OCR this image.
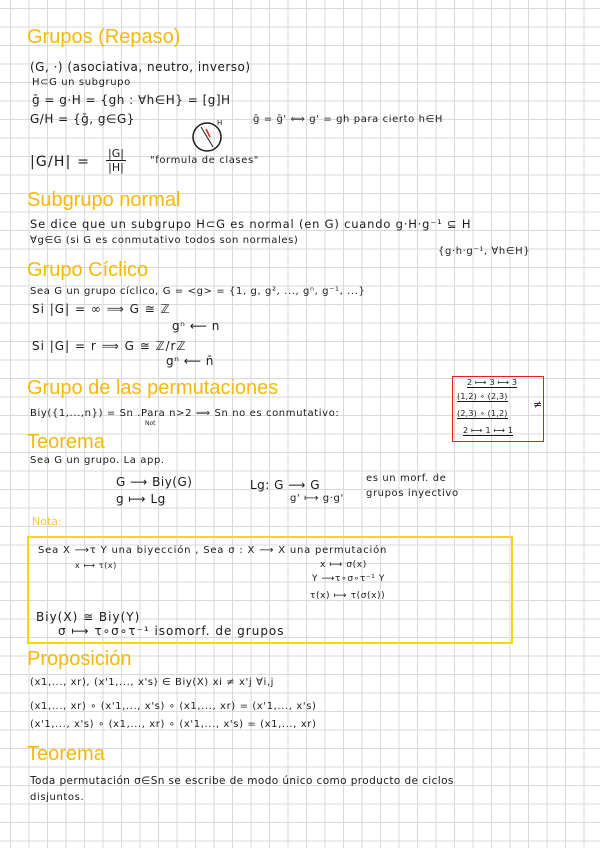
Grupos (Repaso)
(G, ·) (asociativa, neutro, inverso)
H⊂G un subgrupo
ḡ = g·H = {gh : ∀h∈H} = [g]H
G/H = {ḡ, g∈G}	H	ḡ = ḡ' ⟺ g' = gh para cierto h∈H
$|G/H| = \frac{|G|}{|H|}$ "formula de clases"
Subgrupo normal
Se dice que un subgrupo H⊂G es normal (en G) cuando g·H·g⁻¹ ⊆ H
∀g∈G (si G es conmutativo todos son normales)
{g·h·g⁻¹, ∀h∈H}
Grupo Cíclico
Sea G un grupo cíclico, G = <g> = {1, g, g², ..., gⁿ, g⁻¹, ...}
Si |G| = ∞ ⟹ G ≅ ℤ
gⁿ ⟵ n
Si |G| = r ⟹ G ≅ ℤ/rℤ
gⁿ ⟵ n̄
Grupo de las permutaciones
Biy({1,...,n}) = Sn .Para n>2 ⟹ Sn no es conmutativo:
Not
2 ⟼ 3 ⟼ 3
(1,2) ∘ (2,3)
(2,3) ∘ (1,2)
2 ⟼ 1 ⟼ 1
≠
Teorema
Sea G un grupo. La app.
G ⟶ Biy(G)
g ⟼ Lg
Lg: G ⟶ G
g' ⟼ g·g'
es un morf. de
grupos inyectivo
Nota:
Sea X ⟶τ Y una biyección , Sea σ : X ⟶ X una permutación
x ⟼ τ(x)	x ⟼ σ(x)
Y ⟶τ∘σ∘τ⁻¹ Y
τ(x) ⟼ τ(σ(x))
Biy(X) ≅ Biy(Y)
σ ⟼ τ∘σ∘τ⁻¹ isomorf. de grupos
Proposición
(x1,..., xr), (x'1,..., x's) ∈ Biy(X) xi ≠ x'j ∀i,j
(x1,..., xr) ∘ (x'1,..., x's) ∘ (x1,..., xr) = (x'1,..., x's)
(x'1,..., x's) ∘ (x1,..., xr) ∘ (x'1,..., x's) = (x1,..., xr)
Teorema
Toda permutación σ∈Sn se escribe de modo único como producto de ciclos
disjuntos.
